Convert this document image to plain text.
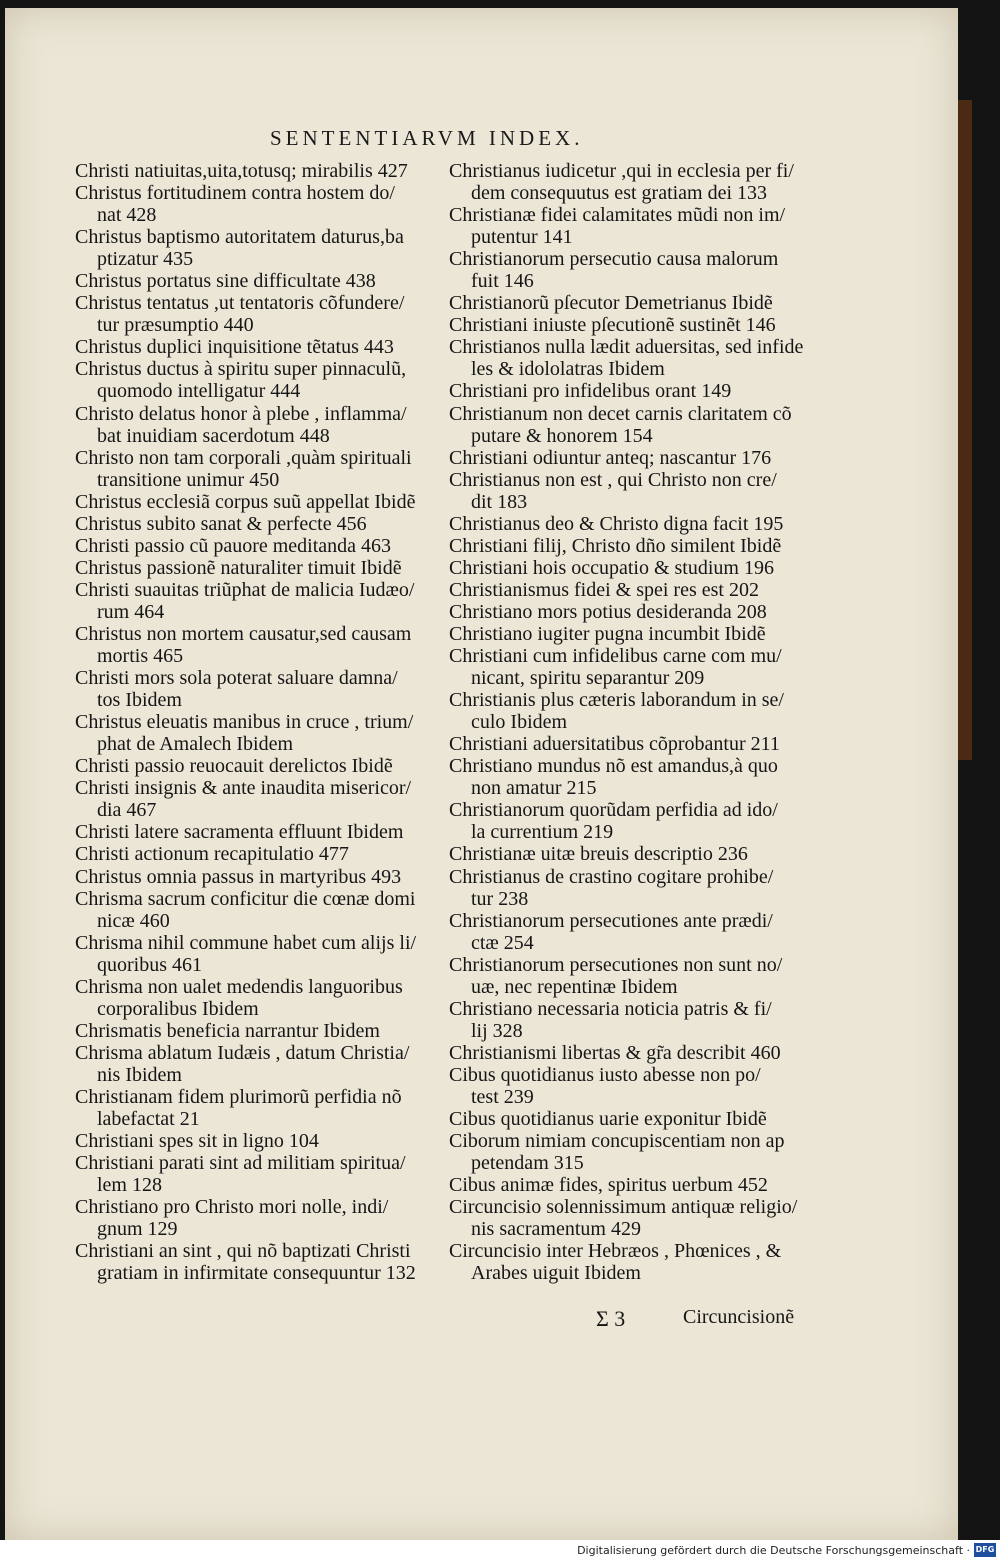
SENTENTIARVM INDEX.
Christi natiuitas,uita,totusq; mirabilis 427
Christus fortitudinem contra hostem do/
nat 428
Christus baptismo autoritatem daturus,ba
ptizatur 435
Christus portatus sine difficultate 438
Christus tentatus ,ut tentatoris cõfundere/
tur præsumptio 440
Christus duplici inquisitione tẽtatus 443
Christus ductus à spiritu super pinnaculũ,
quomodo intelligatur 444
Christo delatus honor à plebe , inflamma/
bat inuidiam sacerdotum 448
Christo non tam corporali ,quàm spirituali
transitione unimur 450
Christus ecclesiã corpus suũ appellat Ibidẽ
Christus subito sanat & perfecte 456
Christi passio cũ pauore meditanda 463
Christus passionẽ naturaliter timuit Ibidẽ
Christi suauitas triũphat de malicia Iudæo/
rum 464
Christus non mortem causatur,sed causam
mortis 465
Christi mors sola poterat saluare damna/
tos Ibidem
Christus eleuatis manibus in cruce , trium/
phat de Amalech Ibidem
Christi passio reuocauit derelictos Ibidẽ
Christi insignis & ante inaudita misericor/
dia 467
Christi latere sacramenta effluunt Ibidem
Christi actionum recapitulatio 477
Christus omnia passus in martyribus 493
Chrisma sacrum conficitur die cœnæ domi
nicæ 460
Chrisma nihil commune habet cum alijs li/
quoribus 461
Chrisma non ualet medendis languoribus
corporalibus Ibidem
Chrismatis beneficia narrantur Ibidem
Chrisma ablatum Iudæis , datum Christia/
nis Ibidem
Christianam fidem plurimorũ perfidia nõ
labefactat 21
Christiani spes sit in ligno 104
Christiani parati sint ad militiam spiritua/
lem 128
Christiano pro Christo mori nolle, indi/
gnum 129
Christiani an sint , qui nõ baptizati Christi
gratiam in infirmitate consequuntur 132
Christianus iudicetur ,qui in ecclesia per fi/
dem consequutus est gratiam dei 133
Christianæ fidei calamitates mũdi non im/
putentur 141
Christianorum persecutio causa malorum
fuit 146
Christianorũ pſecutor Demetrianus Ibidẽ
Christiani iniuste pſecutionẽ sustinẽt 146
Christianos nulla lædit aduersitas, sed infide
les & idololatras Ibidem
Christiani pro infidelibus orant 149
Christianum non decet carnis claritatem cõ
putare & honorem 154
Christiani odiuntur anteq; nascantur 176
Christianus non est , qui Christo non cre/
dit 183
Christianus deo & Christo digna facit 195
Christiani filij, Christo dño similent Ibidẽ
Christiani hois occupatio & studium 196
Christianismus fidei & spei res est 202
Christiano mors potius desideranda 208
Christiano iugiter pugna incumbit Ibidẽ
Christiani cum infidelibus carne com mu/
nicant, spiritu separantur 209
Christianis plus cæteris laborandum in se/
culo Ibidem
Christiani aduersitatibus cõprobantur 211
Christiano mundus nõ est amandus,à quo
non amatur 215
Christianorum quorũdam perfidia ad ido/
la currentium 219
Christianæ uitæ breuis descriptio 236
Christianus de crastino cogitare prohibe/
tur 238
Christianorum persecutiones ante prædi/
ctæ 254
Christianorum persecutiones non sunt no/
uæ, nec repentinæ Ibidem
Christiano necessaria noticia patris & fi/
lij 328
Christianismi libertas & gr̃a describit 460
Cibus quotidianus iusto abesse non po/
test 239
Cibus quotidianus uarie exponitur Ibidẽ
Ciborum nimiam concupiscentiam non ap
petendam 315
Cibus animæ fides, spiritus uerbum 452
Circuncisio solennissimum antiquæ religio/
nis sacramentum 429
Circuncisio inter Hebræos , Phœnices , &
Arabes uiguit Ibidem
Σ 3	Circuncisionẽ
Digitalisierung gefördert durch die Deutsche Forschungsgemeinschaft · DFG
